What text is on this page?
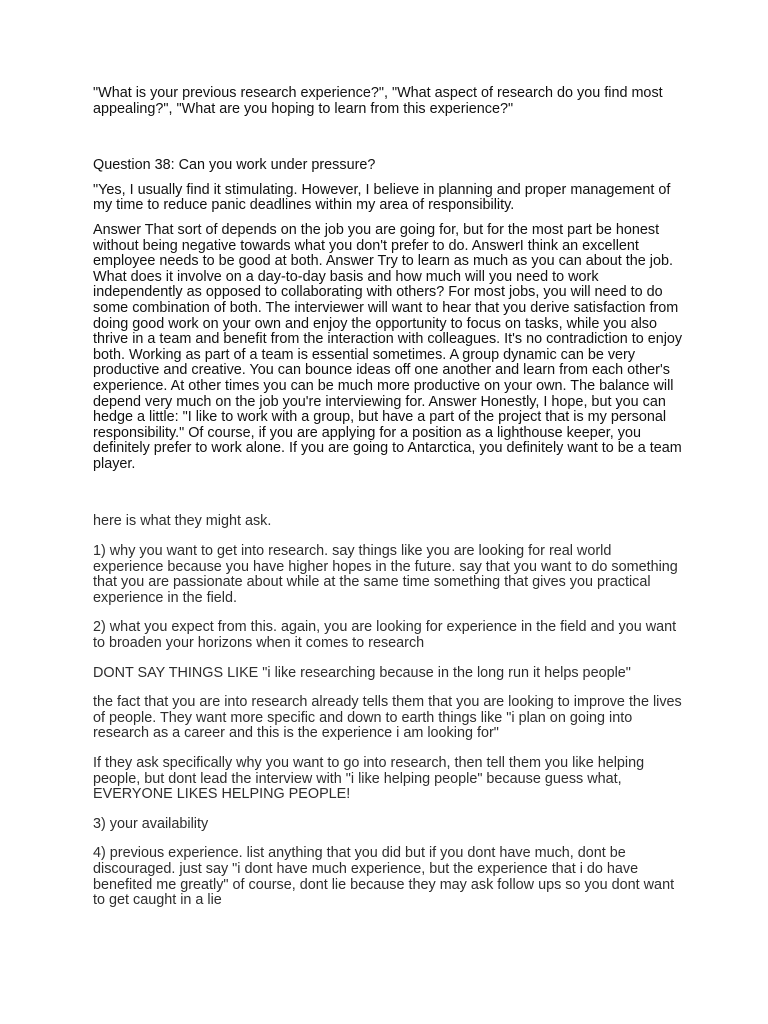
"What is your previous research experience?", "What aspect of research do you find most appealing?", "What are you hoping to learn from this experience?"

Question 38: Can you work under pressure?

"Yes, I usually find it stimulating. However, I believe in planning and proper management of my time to reduce panic deadlines within my area of responsibility.

Answer That sort of depends on the job you are going for, but for the most part be honest without being negative towards what you don't prefer to do. AnswerI think an excellent employee needs to be good at both. Answer Try to learn as much as you can about the job. What does it involve on a day-to-day basis and how much will you need to work independently as opposed to collaborating with others? For most jobs, you will need to do some combination of both. The interviewer will want to hear that you derive satisfaction from doing good work on your own and enjoy the opportunity to focus on tasks, while you also thrive in a team and benefit from the interaction with colleagues. It's no contradiction to enjoy both. Working as part of a team is essential sometimes. A group dynamic can be very productive and creative. You can bounce ideas off one another and learn from each other's experience. At other times you can be much more productive on your own. The balance will depend very much on the job you're interviewing for. Answer Honestly, I hope, but you can hedge a little: "I like to work with a group, but have a part of the project that is my personal responsibility." Of course, if you are applying for a position as a lighthouse keeper, you definitely prefer to work alone. If you are going to Antarctica, you definitely want to be a team player.

here is what they might ask.

1) why you want to get into research. say things like you are looking for real world experience because you have higher hopes in the future. say that you want to do something that you are passionate about while at the same time something that gives you practical experience in the field.

2) what you expect from this. again, you are looking for experience in the field and you want to broaden your horizons when it comes to research

DONT SAY THINGS LIKE "i like researching because in the long run it helps people"

the fact that you are into research already tells them that you are looking to improve the lives of people. They want more specific and down to earth things like "i plan on going into research as a career and this is the experience i am looking for"

If they ask specifically why you want to go into research, then tell them you like helping people, but dont lead the interview with "i like helping people" because guess what, EVERYONE LIKES HELPING PEOPLE!

3) your availability

4) previous experience. list anything that you did but if you dont have much, dont be discouraged. just say "i dont have much experience, but the experience that i do have benefited me greatly" of course, dont lie because they may ask follow ups so you dont want to get caught in a lie
